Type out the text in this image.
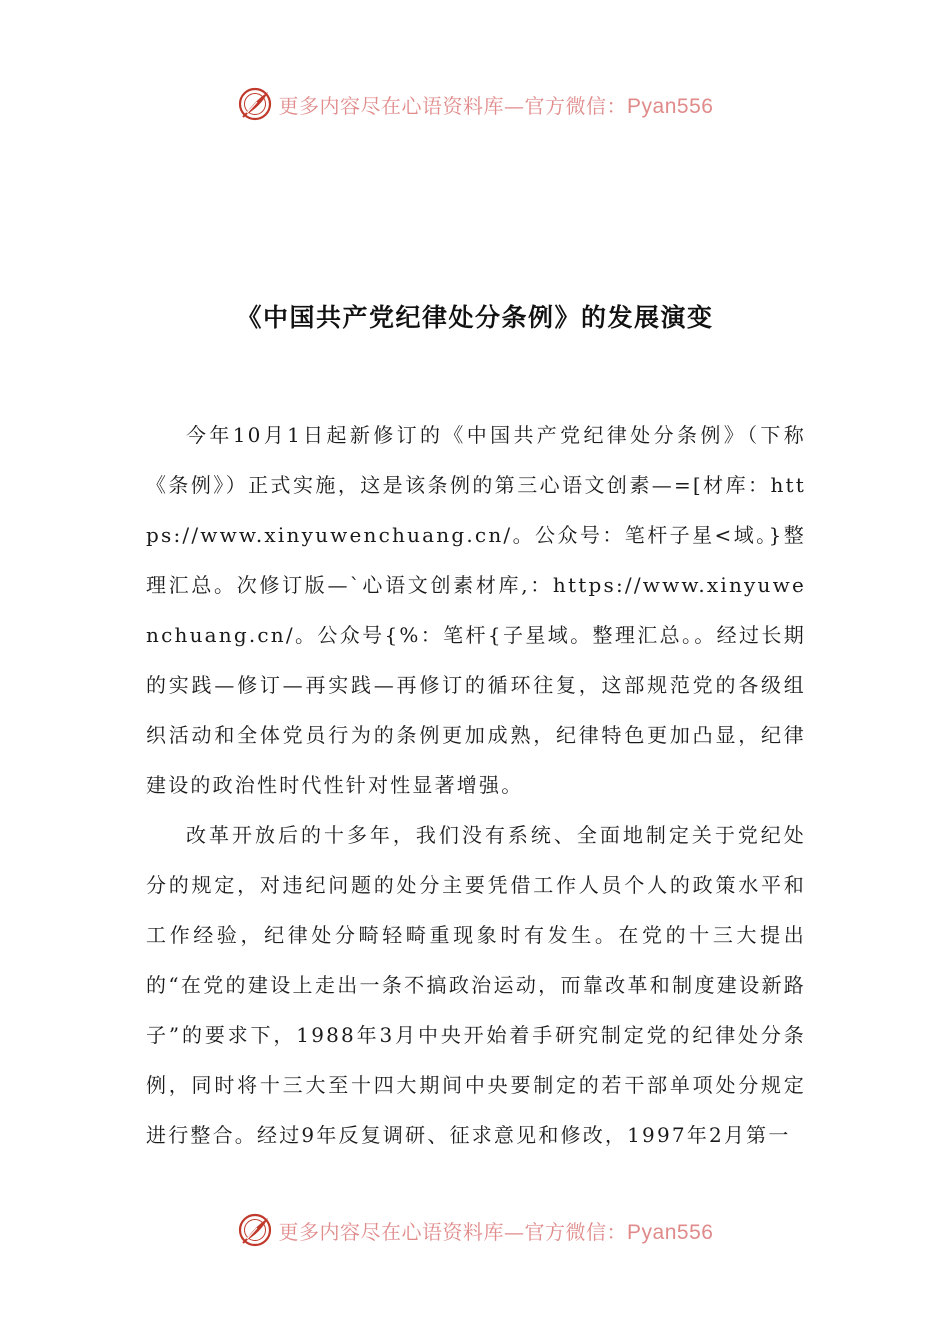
更多内容尽在心语资料库—官方微信：Pyan556
《中国共产党纪律处分条例》的发展演变

今年10月1日起新修订的《中国共产党纪律处分条例》（下称《条例》）正式实施，这是该条例的第三心语文创素—=[材库：https://www.xinyuwenchuang.cn/。公众号：笔杆子星<域。}整理汇总。次修订版—`心语文创素材库,：https://www.xinyuwenchuang.cn/。公众号{%：笔杆{子星域。整理汇总。。经过长期的实践—修订—再实践—再修订的循环往复，这部规范党的各级组织活动和全体党员行为的条例更加成熟，纪律特色更加凸显，纪律建设的政治性时代性针对性显著增强。

改革开放后的十多年，我们没有系统、全面地制定关于党纪处分的规定，对违纪问题的处分主要凭借工作人员个人的政策水平和工作经验，纪律处分畸轻畸重现象时有发生。在党的十三大提出的“在党的建设上走出一条不搞政治运动，而靠改革和制度建设新路子”的要求下，1988年3月中央开始着手研究制定党的纪律处分条例，同时将十三大至十四大期间中央要制定的若干部单项处分规定进行整合。经过9年反复调研、征求意见和修改，1997年2月第一

更多内容尽在心语资料库—官方微信：Pyan556
